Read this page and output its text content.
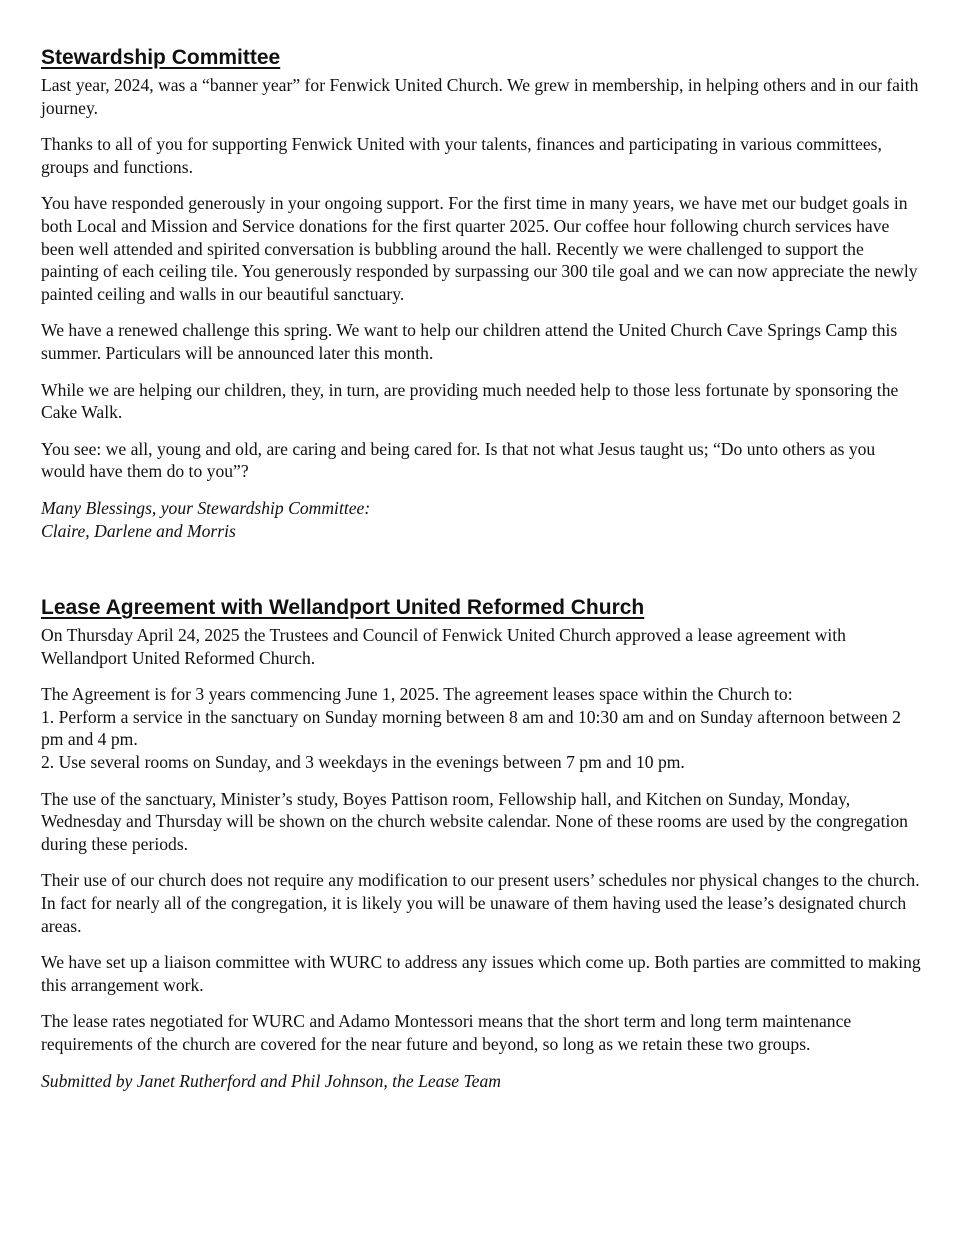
Stewardship Committee

Last year, 2024, was a “banner year” for Fenwick United Church. We grew in membership, in helping others and in our faith journey.

Thanks to all of you for supporting Fenwick United with your talents, finances and participating in various committees, groups and functions.

You have responded generously in your ongoing support. For the first time in many years, we have met our budget goals in both Local and Mission and Service donations for the first quarter 2025. Our coffee hour following church services have been well attended and spirited conversation is bubbling around the hall. Recently we were challenged to support the painting of each ceiling tile. You generously responded by surpassing our 300 tile goal and we can now appreciate the newly painted ceiling and walls in our beautiful sanctuary.

We have a renewed challenge this spring. We want to help our children attend the United Church Cave Springs Camp this summer. Particulars will be announced later this month.

While we are helping our children, they, in turn, are providing much needed help to those less fortunate by sponsoring the Cake Walk.

You see: we all, young and old, are caring and being cared for. Is that not what Jesus taught us; “Do unto others as you would have them do to you”?

Many Blessings, your Stewardship Committee:
Claire, Darlene and Morris

Lease Agreement with Wellandport United Reformed Church

On Thursday April 24, 2025 the Trustees and Council of Fenwick United Church approved a lease agreement with Wellandport United Reformed Church.

The Agreement is for 3 years commencing June 1, 2025. The agreement leases space within the Church to:
1. Perform a service in the sanctuary on Sunday morning between 8 am and 10:30 am and on Sunday afternoon between 2 pm and 4 pm.
2. Use several rooms on Sunday, and 3 weekdays in the evenings between 7 pm and 10 pm.

The use of the sanctuary, Minister’s study, Boyes Pattison room, Fellowship hall, and Kitchen on Sunday, Monday, Wednesday and Thursday will be shown on the church website calendar. None of these rooms are used by the congregation during these periods.

Their use of our church does not require any modification to our present users’ schedules nor physical changes to the church. In fact for nearly all of the congregation, it is likely you will be unaware of them having used the lease’s designated church areas.

We have set up a liaison committee with WURC to address any issues which come up. Both parties are committed to making this arrangement work.

The lease rates negotiated for WURC and Adamo Montessori means that the short term and long term maintenance requirements of the church are covered for the near future and beyond, so long as we retain these two groups.

Submitted by Janet Rutherford and Phil Johnson, the Lease Team
